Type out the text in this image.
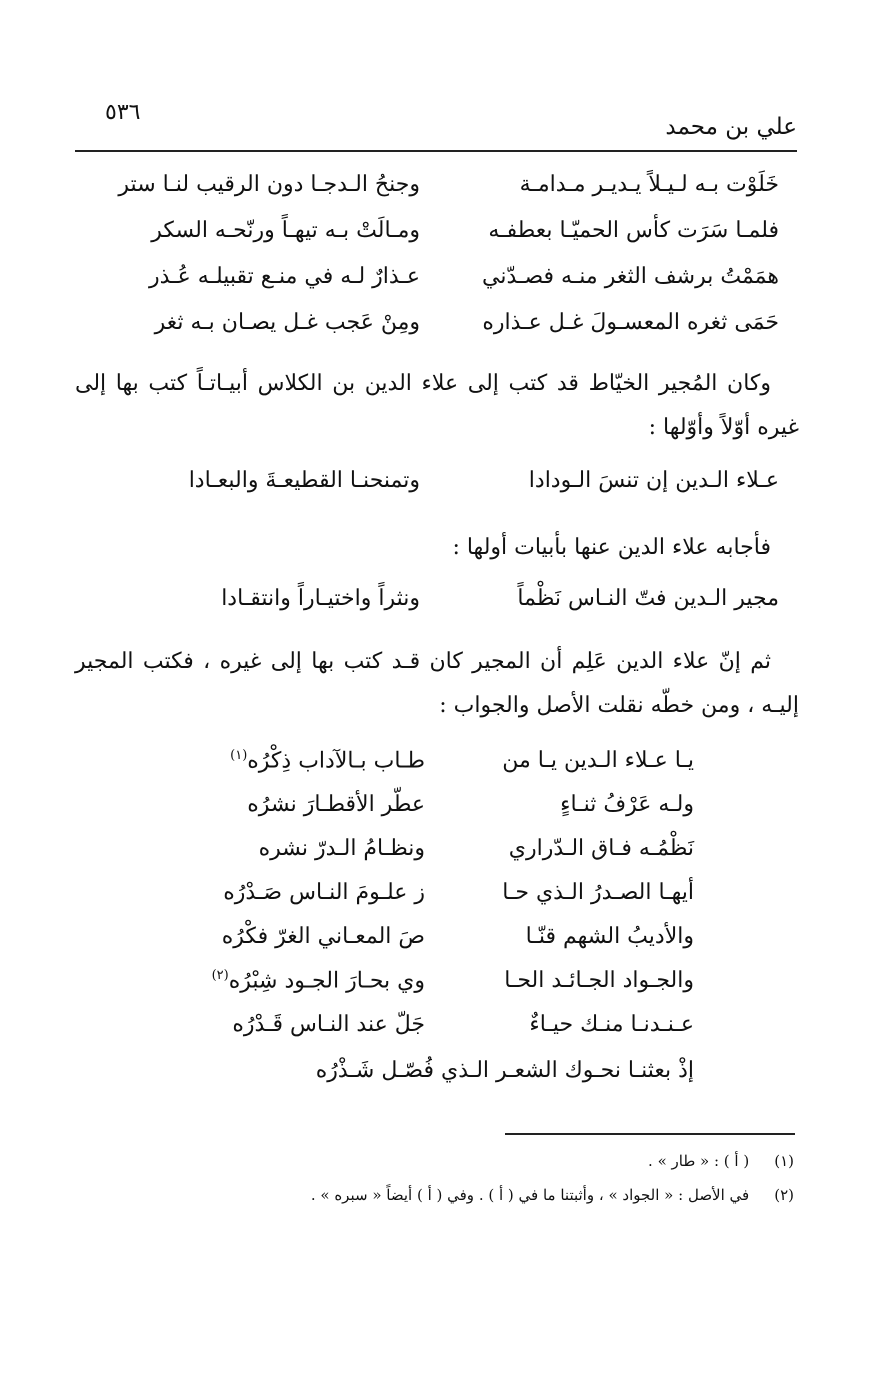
علي بن محمد
٥٣٦
خَلَوْت بـه لـيـلاً يـديـر مـدامـة
وجنحُ الـدجـا دون الرقيب لنـا ستر
فلمـا سَرَت كأس الحميّـا بعطفـه
ومـالَتْ بـه تيهـاً ورنّحـه السكر
همَمْتُ برشف الثغر منـه فصـدّني
عـذارٌ لـه في منـع تقبيلـه عُـذر
حَمَى ثغره المعسـولَ غـل عـذاره
ومِنْ عَجب غـل يصـان بـه ثغر
وكان المُجير الخيّاط قد كتب إلى علاء الدين بن الكلاس أبيـاتـاً كتب بها إلى غيره أوّلاً وأوّلها :
عـلاء الـدين إن تنسَ الـودادا
وتمنحنـا القطيعـةَ والبعـادا
فأجابه علاء الدين عنها بأبيات أولها :
مجير الـدين فتّ النـاس نَظْماً
ونثراً واختيـاراً وانتقـادا
ثم إنّ علاء الدين عَلِم أن المجير كان قـد كتب بها إلى غيره ، فكتب المجير إليـه ، ومن خطّه نقلت الأصل والجواب :
يـا عـلاء الـدين يـا من
طـاب بـالآداب ذِكْرُه$^{(١)}$
ولـه عَرْفُ ثنـاءٍ
عطّر الأقطـارَ نشرُه
نَظْمُـه فـاق الـدّراري
ونظـامُ الـدرّ نشره
أيهـا الصـدرُ الـذي حـا
ز علـومَ النـاس صَـدْرُه
والأديبُ الشهم قنّـا
صَ المعـاني الغرّ فكْرُه
والجـواد الجـائـد الحـا
وي بحـارَ الجـود شِبْرُه$^{(٢)}$
عـنـدنـا منـك حيـاءٌ
جَلّ عند النـاس قَـدْرُه
إذْ بعثنـا نحـوك الشعـر الـذي فُصّـل شَـذْرُه
(١) ( أ ) : « طار » .
(٢) في الأصل : « الجواد » ، وأثبتنا ما في ( أ ) . وفي ( أ ) أيضاً « سبره » .
